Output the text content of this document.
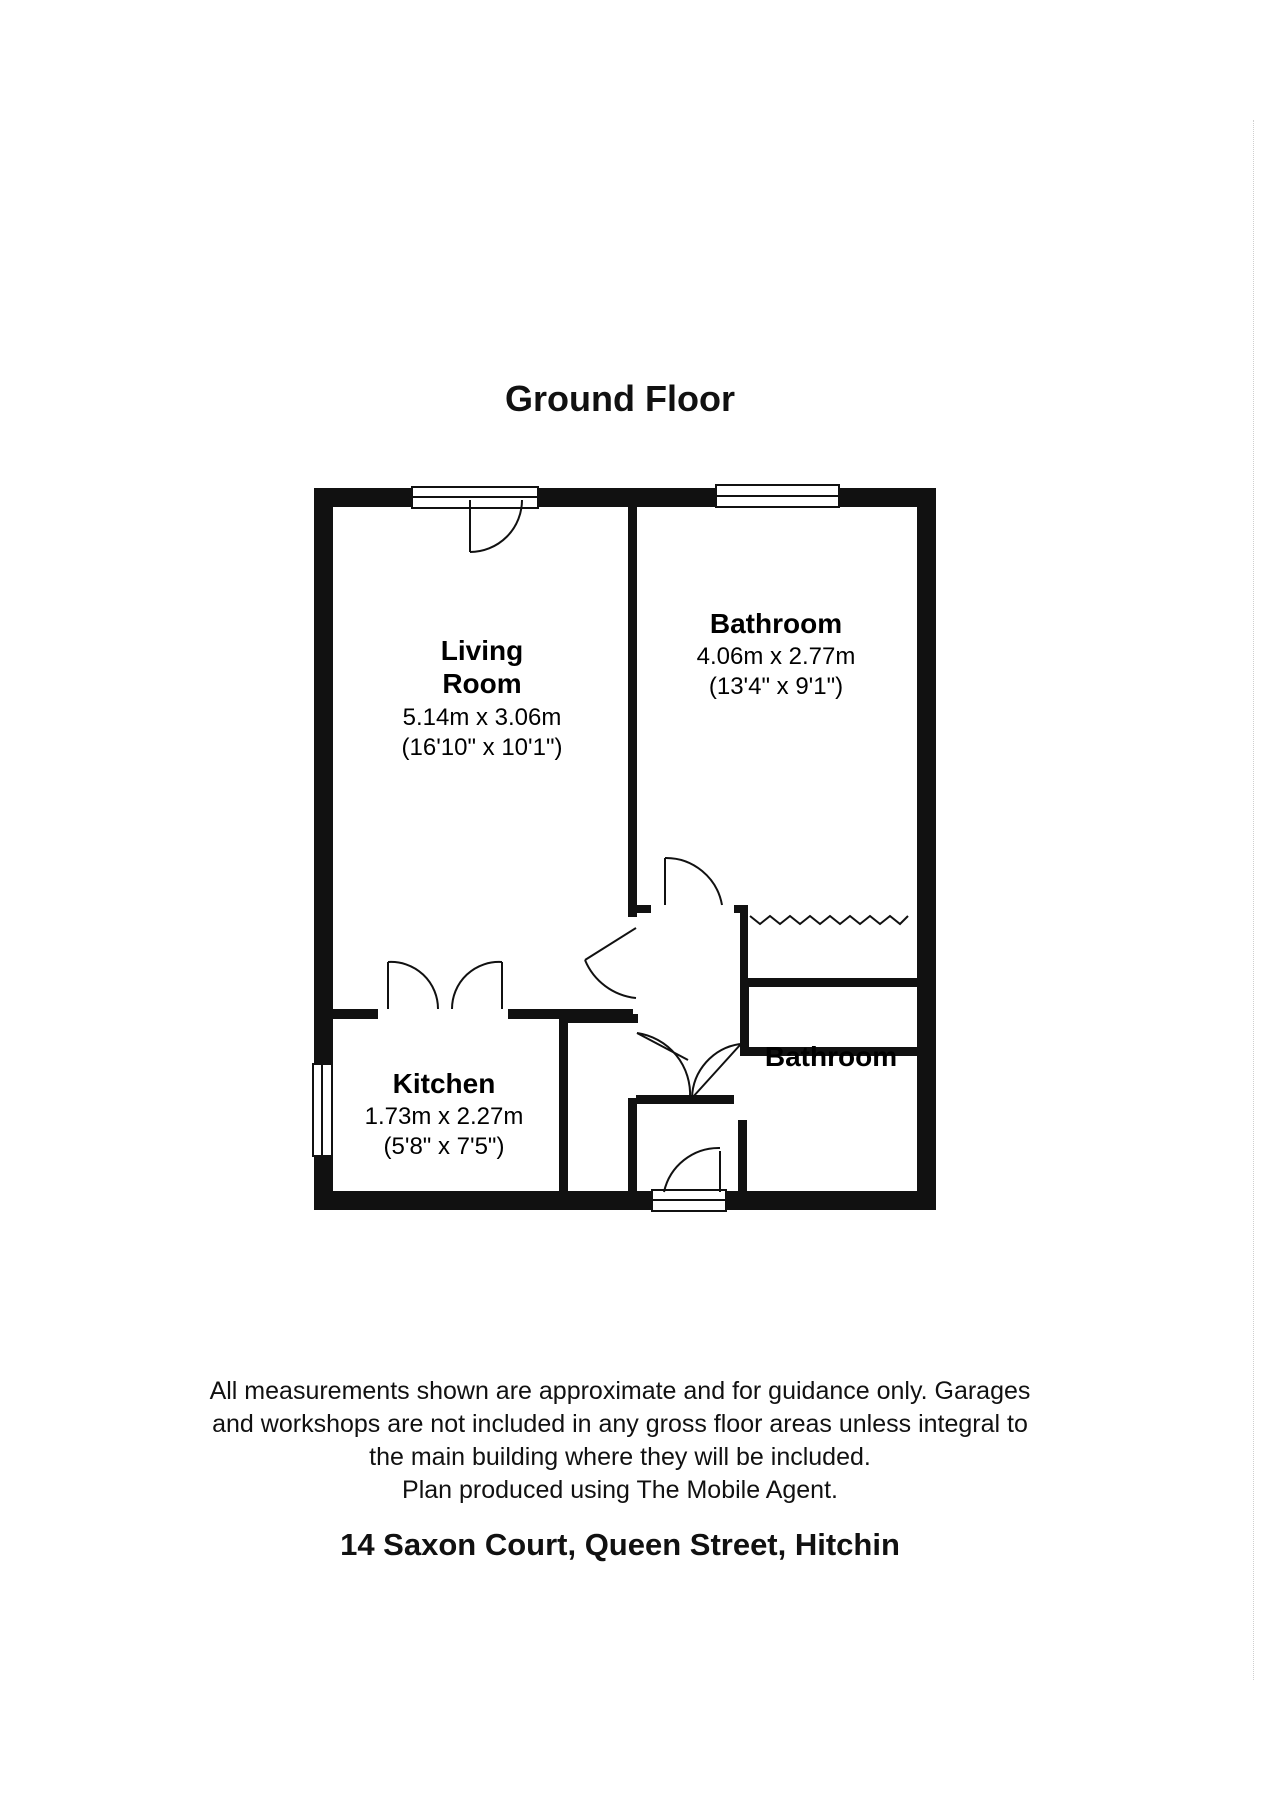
Ground Floor
Living
Room
5.14m x 3.06m
(16'10" x 10'1")
Bathroom
4.06m x 2.77m
(13'4" x 9'1")
Kitchen
1.73m x 2.27m
(5'8" x 7'5")
Bathroom
All measurements shown are approximate and for guidance only. Garages
and workshops are not included in any gross floor areas unless integral to
the main building where they will be included.
Plan produced using The Mobile Agent.
14 Saxon Court, Queen Street, Hitchin
